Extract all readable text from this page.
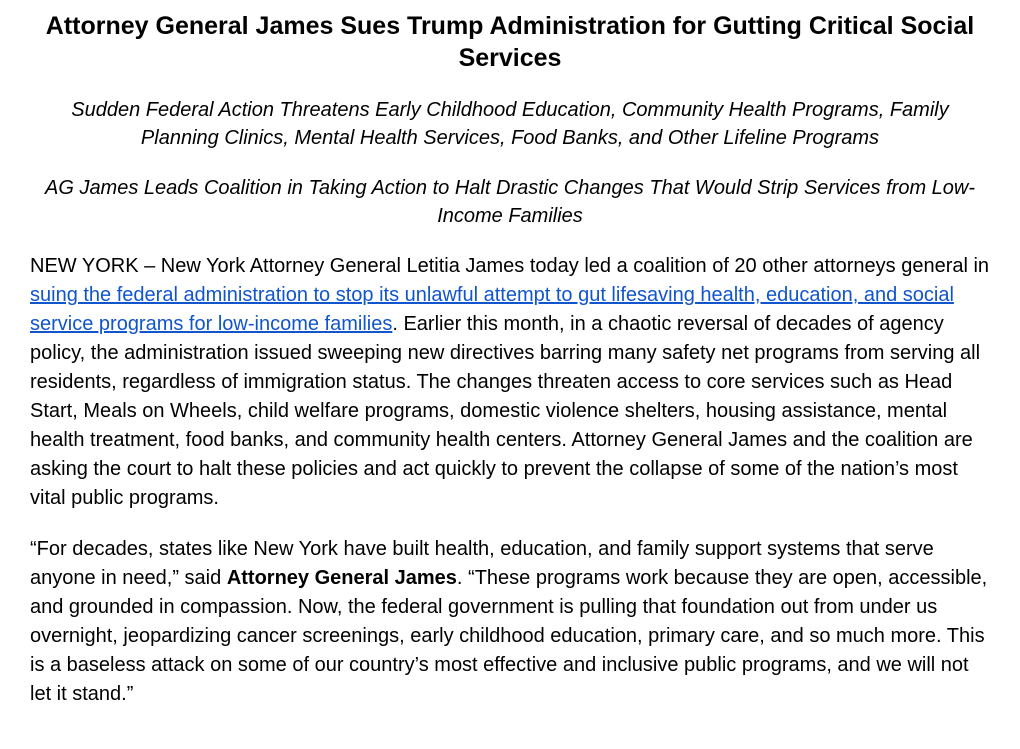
Attorney General James Sues Trump Administration for Gutting Critical Social Services

Sudden Federal Action Threatens Early Childhood Education, Community Health Programs, Family Planning Clinics, Mental Health Services, Food Banks, and Other Lifeline Programs

AG James Leads Coalition in Taking Action to Halt Drastic Changes That Would Strip Services from Low-Income Families

NEW YORK – New York Attorney General Letitia James today led a coalition of 20 other attorneys general in suing the federal administration to stop its unlawful attempt to gut lifesaving health, education, and social service programs for low-income families. Earlier this month, in a chaotic reversal of decades of agency policy, the administration issued sweeping new directives barring many safety net programs from serving all residents, regardless of immigration status. The changes threaten access to core services such as Head Start, Meals on Wheels, child welfare programs, domestic violence shelters, housing assistance, mental health treatment, food banks, and community health centers. Attorney General James and the coalition are asking the court to halt these policies and act quickly to prevent the collapse of some of the nation’s most vital public programs.

“For decades, states like New York have built health, education, and family support systems that serve anyone in need,” said Attorney General James. “These programs work because they are open, accessible, and grounded in compassion. Now, the federal government is pulling that foundation out from under us overnight, jeopardizing cancer screenings, early childhood education, primary care, and so much more. This is a baseless attack on some of our country’s most effective and inclusive public programs, and we will not let it stand.”
